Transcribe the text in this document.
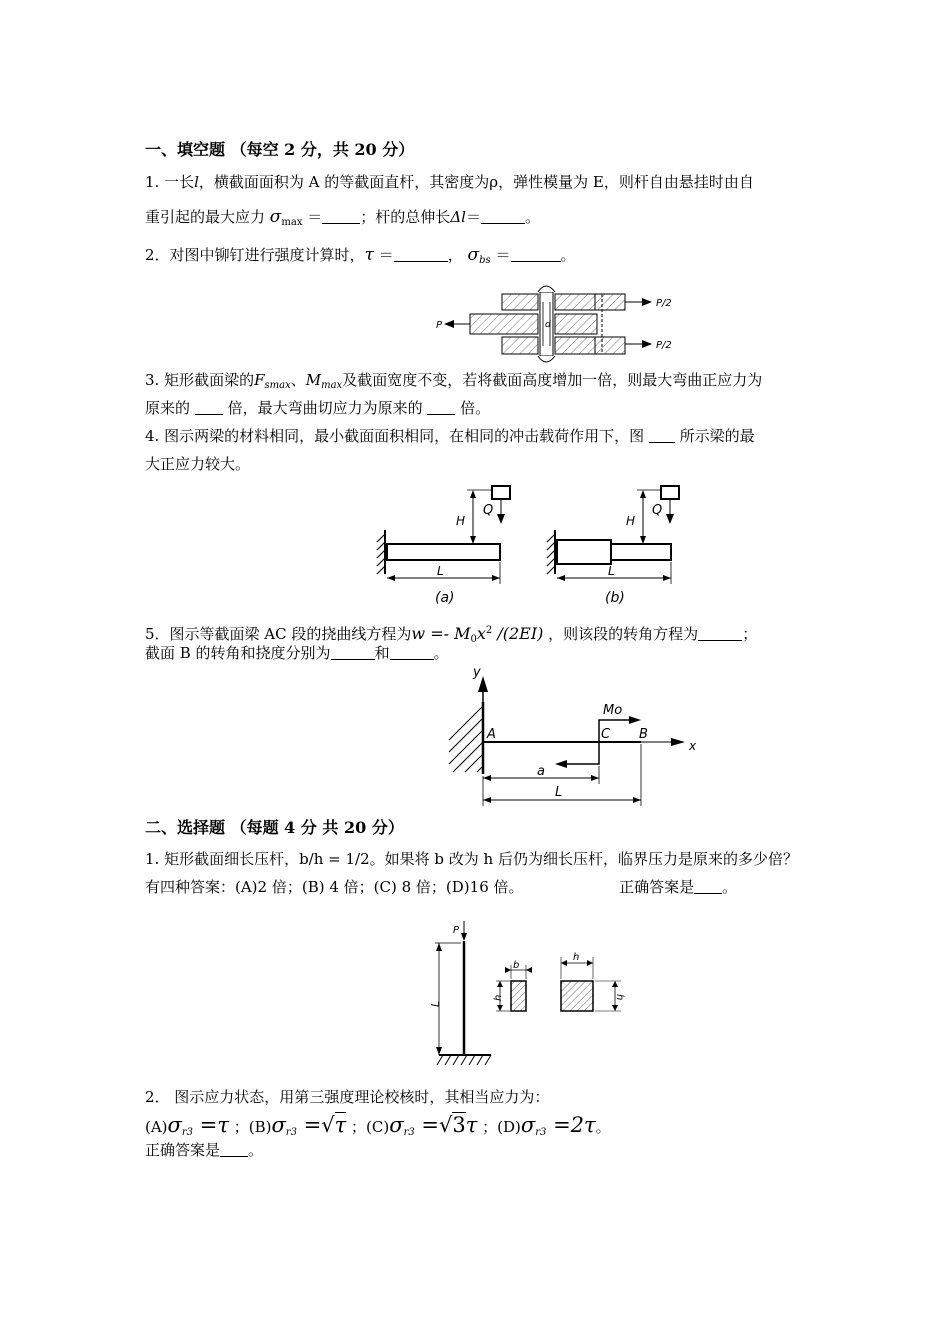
一、填空题 （每空 2 分，共 20 分）
1. 一长l，横截面面积为 A 的等截面直杆，其密度为ρ，弹性模量为 E，则杆自由悬挂时由自
重引起的最大应力 $\sigma_{max}$ ＝	；杆的总伸长Δl＝	。
2．对图中铆钉进行强度计算时，τ ＝	， $\sigma_{bs}$ ＝	。
P/2
P/2
P	d
3. 矩形截面梁的$F_{smax}$、$M_{max}$及截面宽度不变，若将截面高度增加一倍，则最大弯曲正应力为
原来的	倍，最大弯曲切应力为原来的	倍。
4. 图示两梁的材料相同，最小截面面积相同，在相同的冲击载荷作用下，图 所示梁的最
大正应力较大。
H
Q
L
(a)
H
Q
L
(b)
5．图示等截面梁 AC 段的挠曲线方程为$w =- M_0x^2$ /(2EI) ，则该段的转角方程为	；
截面 B 的转角和挠度分别为	和	。
y
x
A	C B
Mo
a
L
二、选择题 （每题 4 分 共 20 分）
1. 矩形截面细长压杆，b/h = 1/2。如果将 b 改为 h 后仍为细长压杆，临界压力是原来的多少倍？
有四种答案：(A)2 倍；(B) 4 倍；(C) 8 倍；(D)16 倍。	正确答案是 。
P
L
b
h
h
h
2． 图示应力状态，用第三强度理论校核时，其相当应力为：
$(A)\sigma_{r3} =\tau$ ；$(B)\sigma_{r3} =√\tau$ ；$(C)\sigma_{r3} =√3\tau$ ；$(D)\sigma_{r3} =2\tau$。
正确答案是 。
